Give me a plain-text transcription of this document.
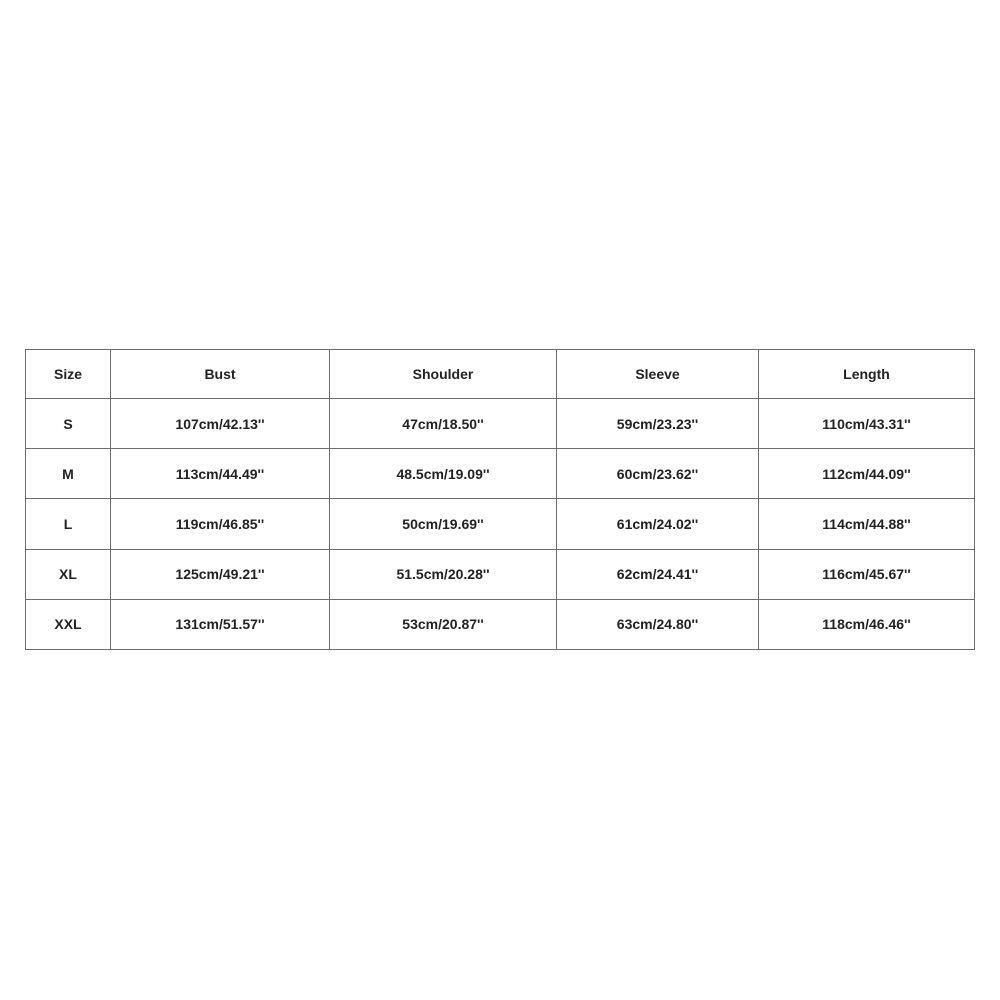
Size	Bust	Shoulder	Sleeve	Length
S	107cm/42.13''	47cm/18.50''	59cm/23.23''	110cm/43.31''
M	113cm/44.49''	48.5cm/19.09''	60cm/23.62''	112cm/44.09''
L	119cm/46.85''	50cm/19.69''	61cm/24.02''	114cm/44.88''
XL	125cm/49.21''	51.5cm/20.28''	62cm/24.41''	116cm/45.67''
XXL	131cm/51.57''	53cm/20.87''	63cm/24.80''	118cm/46.46''
